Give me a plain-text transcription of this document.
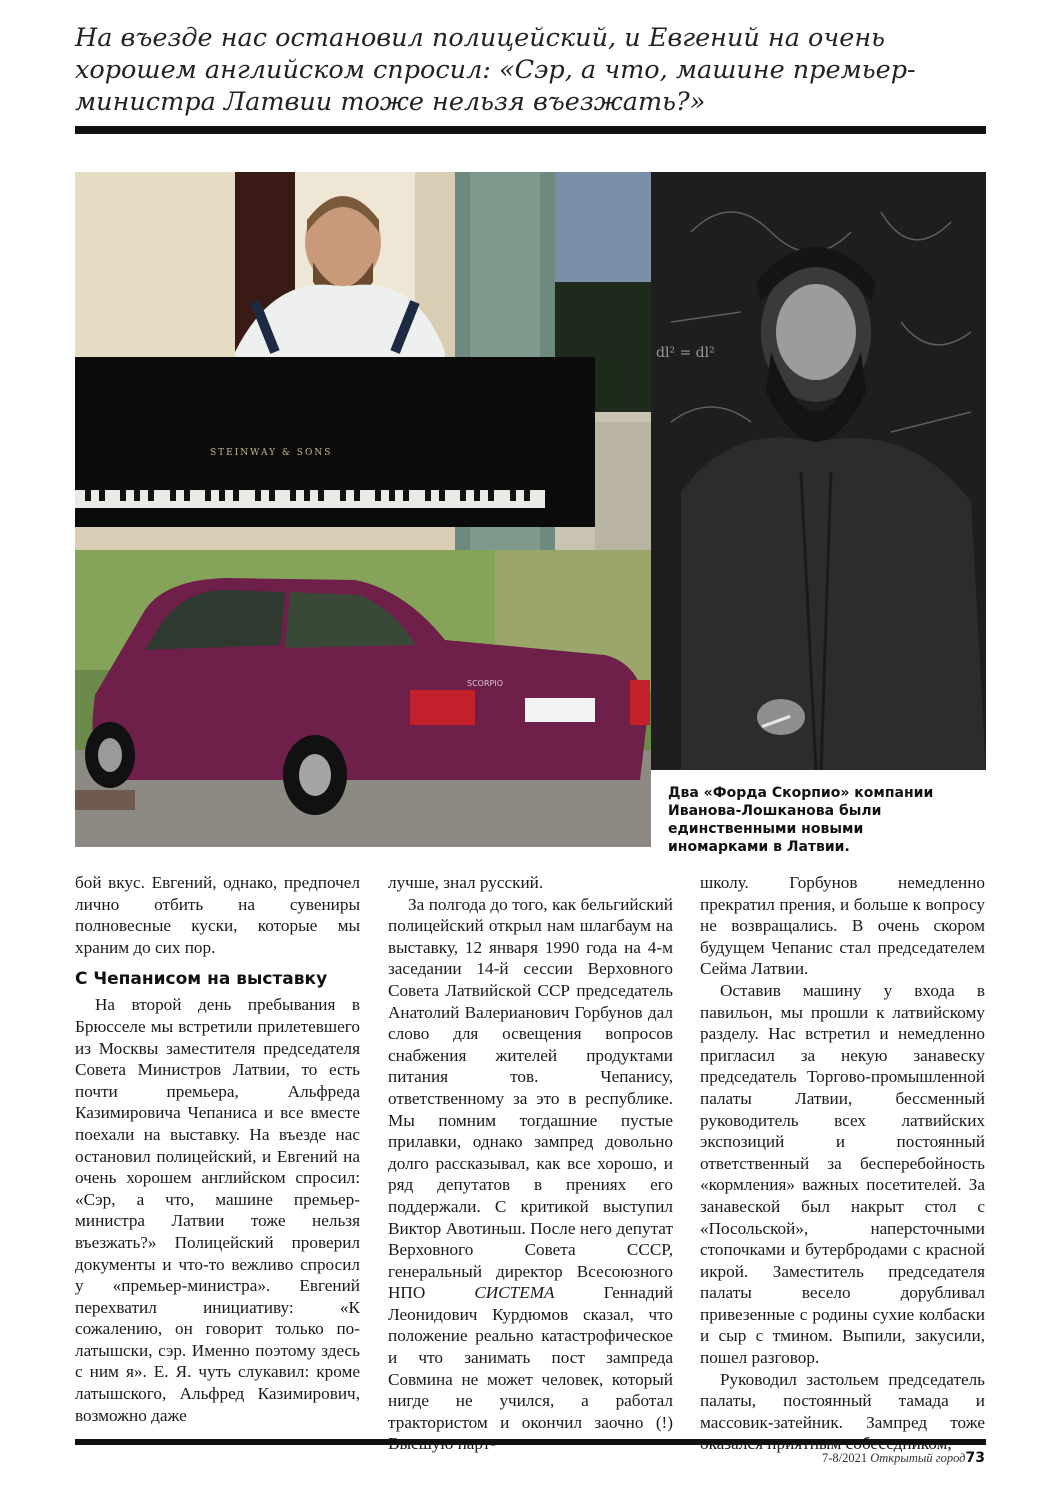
На въезде нас остановил полицейский, и Евгений на очень хорошем английском спросил: «Сэр, а что, машине премьер-министра Латвии тоже нельзя въезжать?»

STEINWAY & SONS
SCORPIO
dl² = dl²

Два «Форда Скорпио» компании Иванова-Лошканова были единственными новыми иномарками в Латвии.

бой вкус. Евгений, однако, предпочел лично отбить на сувениры полновесные куски, которые мы храним до сих пор.

С Чепанисом на выставку

На второй день пребывания в Брюсселе мы встретили прилетевшего из Москвы заместителя председателя Совета Министров Латвии, то есть почти премьера, Альфреда Казимировича Чепаниса и все вместе поехали на выставку. На въезде нас остановил полицейский, и Евгений на очень хорошем английском спросил: «Сэр, а что, машине премьер-министра Латвии тоже нельзя въезжать?» Полицейский проверил документы и что-то вежливо спросил у «премьер-министра». Евгений перехватил инициативу: «К сожалению, он говорит только по-латышски, сэр. Именно поэтому здесь с ним я». Е. Я. чуть слукавил: кроме латышского, Альфред Казимирович, возможно даже

лучше, знал русский.

За полгода до того, как бельгийский полицейский открыл нам шлагбаум на выставку, 12 января 1990 года на 4-м заседании 14-й сессии Верховного Совета Латвийской ССР председатель Анатолий Валерианович Горбунов дал слово для освещения вопросов снабжения жителей продуктами питания тов. Чепанису, ответственному за это в республике. Мы помним тогдашние пустые прилавки, однако зампред довольно долго рассказывал, как все хорошо, и ряд депутатов в прениях его поддержали. С критикой выступил Виктор Авотиньш. После него депутат Верховного Совета СССР, генеральный директор Всесоюзного НПО	СИСТЕМА	Геннадий Леонидович Курдюмов сказал, что положение реально катастрофическое и что занимать пост зампреда Совмина не может человек, который нигде не учился, а работал трактористом и окончил заочно (!)

школу. Горбунов немедленно прекратил прения, и больше к вопросу не возвращались. В очень скором будущем Чепанис стал председателем Сейма Латвии.

Оставив машину у входа в павильон, мы прошли к латвийскому разделу. Нас встретил и немедленно пригласил за некую занавеску председатель Торгово-промышленной палаты Латвии, бессменный руководитель всех латвийских экспозиций и постоянный ответственный за бесперебойность «кормления» важных посетителей. За занавеской был накрыт стол с «Посольской», наперсточными стопочками и бутербродами с красной икрой. Заместитель председателя палаты весело дорубливал привезенные с родины сухие колбаски и сыр с тмином. Выпили, закусили, пошел разговор.

Руководил застольем председатель палаты, постоянный тамада и массовик-затейник. Зампред тоже

7-8/2021 Открытый город73
